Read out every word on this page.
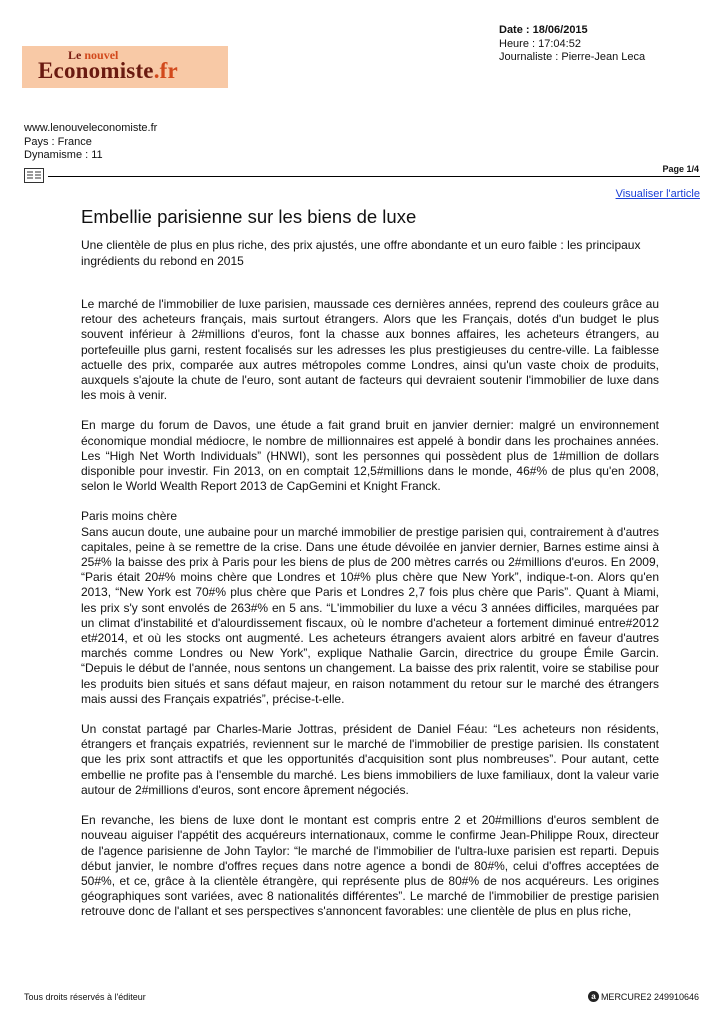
Le nouvel
Economiste.fr
Date : 18/06/2015
Heure : 17:04:52
Journaliste : Pierre-Jean Leca
www.lenouveleconomiste.fr
Pays : France
Dynamisme : 11
Page 1/4
Visualiser l'article
Embellie parisienne sur les biens de luxe

Une clientèle de plus en plus riche, des prix ajustés, une offre abondante et un euro faible : les principaux ingrédients du rebond en 2015

Le marché de l'immobilier de luxe parisien, maussade ces dernières années, reprend des couleurs grâce au retour des acheteurs français, mais surtout étrangers. Alors que les Français, dotés d'un budget le plus souvent inférieur à 2#millions d'euros, font la chasse aux bonnes affaires, les acheteurs étrangers, au portefeuille plus garni, restent focalisés sur les adresses les plus prestigieuses du centre-ville. La faiblesse actuelle des prix, comparée aux autres métropoles comme Londres, ainsi qu'un vaste choix de produits, auxquels s'ajoute la chute de l'euro, sont autant de facteurs qui devraient soutenir l'immobilier de luxe dans les mois à venir.

En marge du forum de Davos, une étude a fait grand bruit en janvier dernier: malgré un environnement économique mondial médiocre, le nombre de millionnaires est appelé à bondir dans les prochaines années. Les “High Net Worth Individuals” (HNWI), sont les personnes qui possèdent plus de 1#million de dollars disponible pour investir. Fin 2013, on en comptait 12,5#millions dans le monde, 46#% de plus qu'en 2008, selon le World Wealth Report 2013 de CapGemini et Knight Franck.

Paris moins chère

Sans aucun doute, une aubaine pour un marché immobilier de prestige parisien qui, contrairement à d'autres capitales, peine à se remettre de la crise. Dans une étude dévoilée en janvier dernier, Barnes estime ainsi à 25#% la baisse des prix à Paris pour les biens de plus de 200 mètres carrés ou 2#millions d'euros. En 2009, “Paris était 20#% moins chère que Londres et 10#% plus chère que New York”, indique-t-on. Alors qu'en 2013, “New York est 70#% plus chère que Paris et Londres 2,7 fois plus chère que Paris”. Quant à Miami, les prix s'y sont envolés de 263#% en 5 ans. “L'immobilier du luxe a vécu 3 années difficiles, marquées par un climat d'instabilité et d'alourdissement fiscaux, où le nombre d'acheteur a fortement diminué entre#2012 et#2014, et où les stocks ont augmenté. Les acheteurs étrangers avaient alors arbitré en faveur d'autres marchés comme Londres ou New York”, explique Nathalie Garcin, directrice du groupe Émile Garcin. “Depuis le début de l'année, nous sentons un changement. La baisse des prix ralentit, voire se stabilise pour les produits bien situés et sans défaut majeur, en raison notamment du retour sur le marché des étrangers mais aussi des Français expatriés”, précise-t-elle.

Un constat partagé par Charles-Marie Jottras, président de Daniel Féau: “Les acheteurs non résidents, étrangers et français expatriés, reviennent sur le marché de l'immobilier de prestige parisien. Ils constatent que les prix sont attractifs et que les opportunités d'acquisition sont plus nombreuses”. Pour autant, cette embellie ne profite pas à l'ensemble du marché. Les biens immobiliers de luxe familiaux, dont la valeur varie autour de 2#millions d'euros, sont encore âprement négociés.

En revanche, les biens de luxe dont le montant est compris entre 2 et 20#millions d'euros semblent de nouveau aiguiser l'appétit des acquéreurs internationaux, comme le confirme Jean-Philippe Roux, directeur de l'agence parisienne de John Taylor: “le marché de l'immobilier de l'ultra-luxe parisien est reparti. Depuis début janvier, le nombre d'offres reçues dans notre agence a bondi de 80#%, celui d'offres acceptées de 50#%, et ce, grâce à la clientèle étrangère, qui représente plus de 80#% de nos acquéreurs. Les origines géographiques sont variées, avec 8 nationalités différentes”. Le marché de l'immobilier de prestige parisien retrouve donc de l'allant et ses perspectives s'annoncent favorables: une clientèle de plus en plus riche,

Tous droits réservés à l'éditeur	a MERCURE2 249910646
